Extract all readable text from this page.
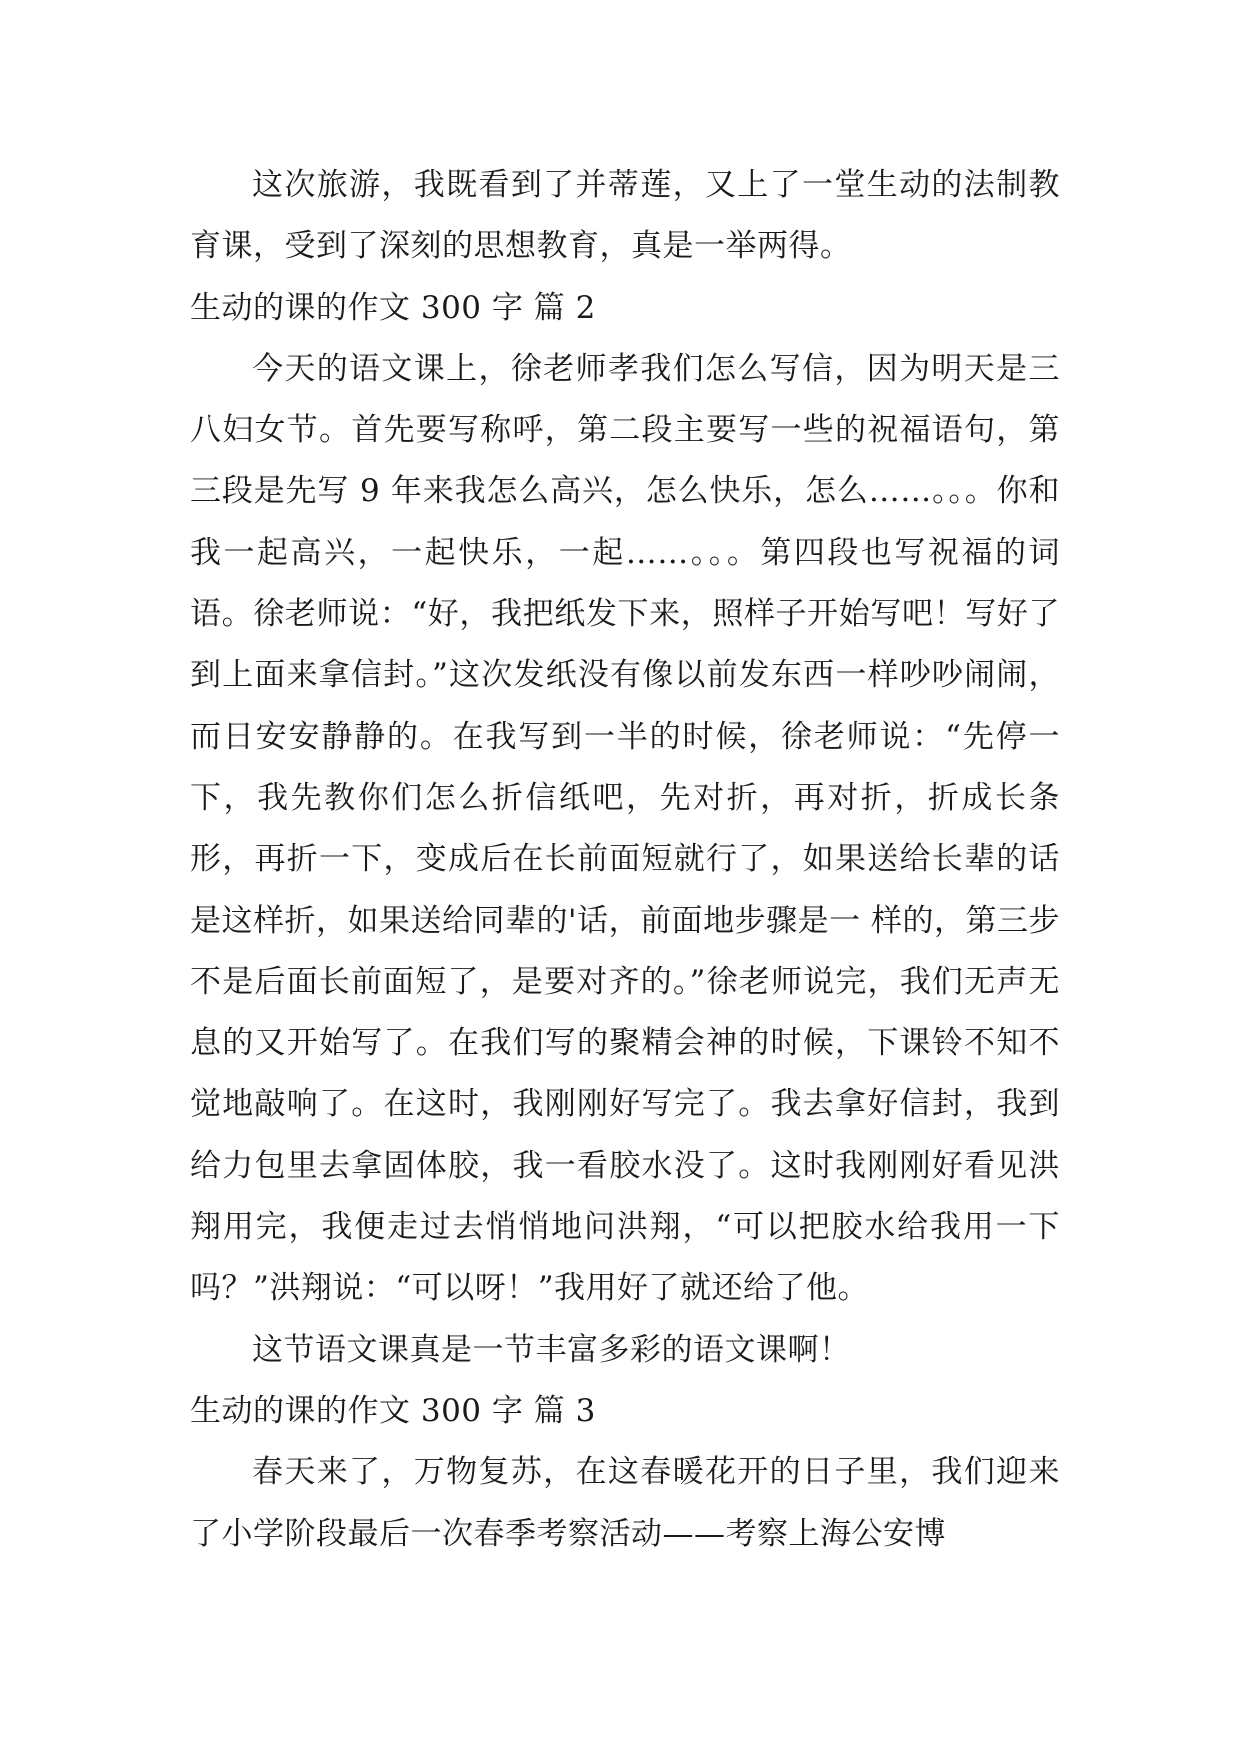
这次旅游，我既看到了并蒂莲，又上了一堂生动的法制教育课，受到了深刻的思想教育，真是一举两得。

生动的课的作文 300 字 篇 2

今天的语文课上，徐老师孝我们怎么写信，因为明天是三八妇女节。首先要写称呼，第二段主要写一些的祝福语句，第三段是先写 9 年来我怎么高兴，怎么快乐，怎么……。。。你和我一起高兴，一起快乐，一起……。。。第四段也写祝福的词语。徐老师说：“好，我把纸发下来，照样子开始写吧！写好了到上面来拿信封。”这次发纸没有像以前发东西一样吵吵闹闹，而日安安静静的。在我写到一半的时候，徐老师说：“先停一下，我先教你们怎么折信纸吧，先对折，再对折，折成长条形，再折一下，变成后在长前面短就行了，如果送给长辈的话是这样折，如果送给同辈的'话，前面地步骤是一 样的，第三步不是后面长前面短了，是要对齐的。”徐老师说完，我们无声无息的又开始写了。在我们写的聚精会神的时候，下课铃不知不觉地敲响了。在这时，我刚刚好写完了。我去拿好信封，我到给力包里去拿固体胶，我一看胶水没了。这时我刚刚好看见洪翔用完，我便走过去悄悄地问洪翔，“可以把胶水给我用一下吗？”洪翔说：“可以呀！”我用好了就还给了他。

这节语文课真是一节丰富多彩的语文课啊！

生动的课的作文 300 字 篇 3

春天来了，万物复苏，在这春暖花开的日子里，我们迎来了小学阶段最后一次春季考察活动——考察上海公安博
